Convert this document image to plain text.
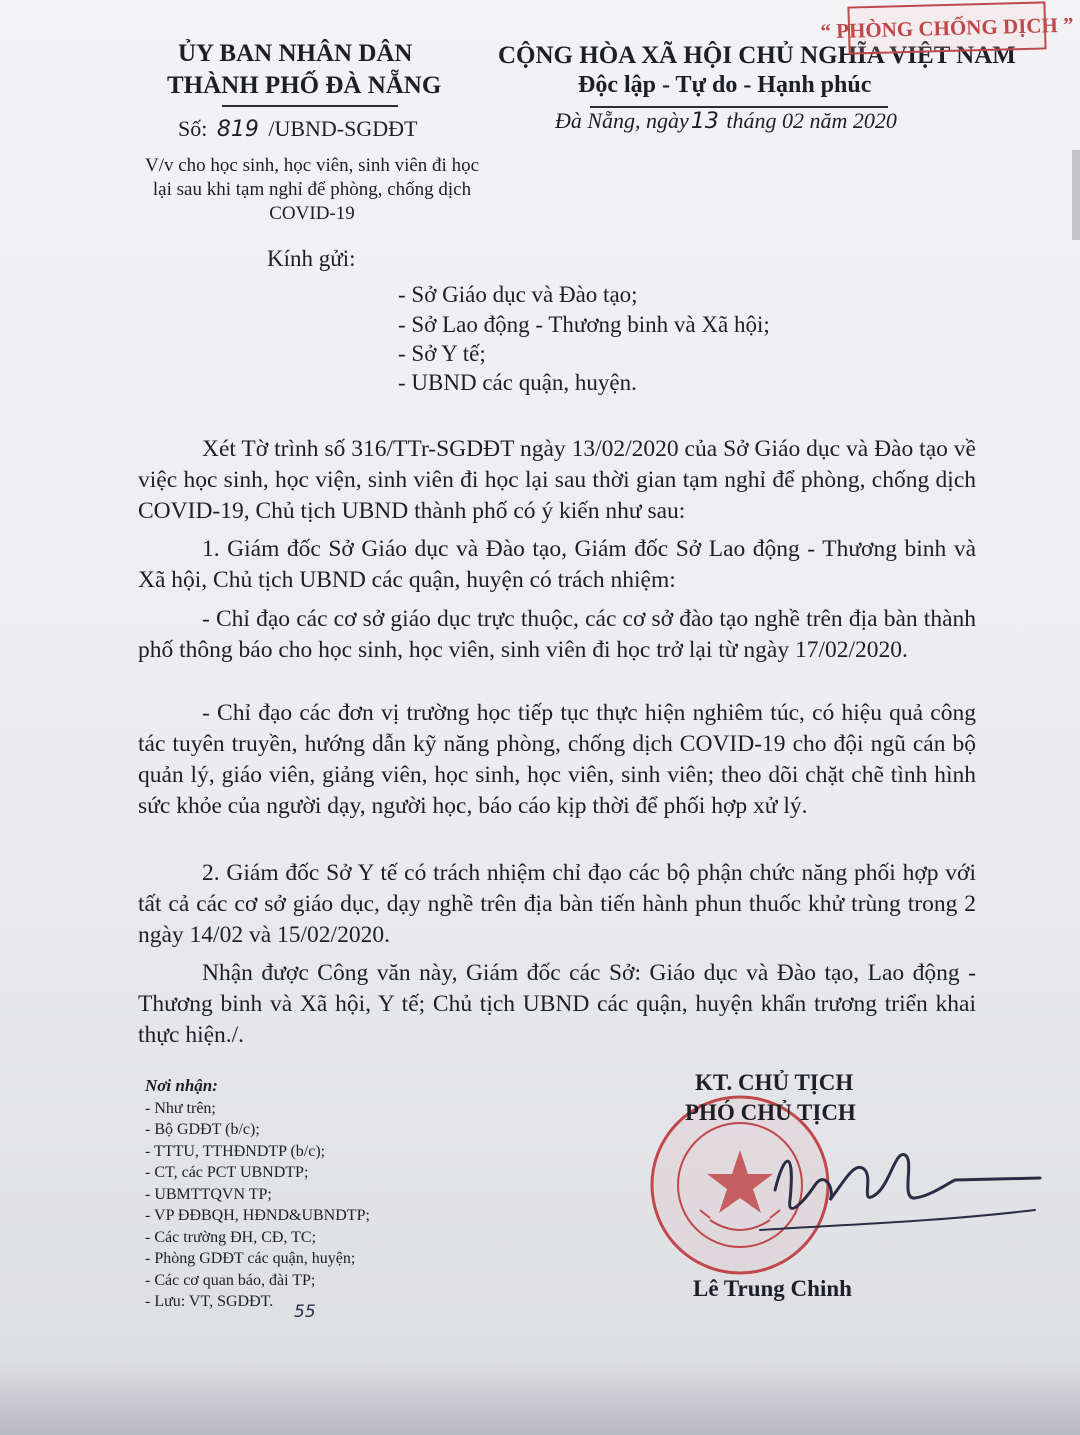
ỦY BAN NHÂN DÂN
THÀNH PHỐ ĐÀ NẴNG
Số: 819 /UBND-SGDĐT
V/v cho học sinh, học viên, sinh viên đi học lại sau khi tạm nghỉ để phòng, chống dịch COVID-19
CỘNG HÒA XÃ HỘI CHỦ NGHĨA VIỆT NAM
Độc lập - Tự do - Hạnh phúc
Đà Nẵng, ngày13 tháng 02 năm 2020
“ PHÒNG CHỐNG DỊCH ”
Kính gửi:
- Sở Giáo dục và Đào tạo;
- Sở Lao động - Thương binh và Xã hội;
- Sở Y tế;
- UBND các quận, huyện.
Xét Tờ trình số 316/TTr-SGDĐT ngày 13/02/2020 của Sở Giáo dục và Đào tạo về việc học sinh, học viện, sinh viên đi học lại sau thời gian tạm nghỉ để phòng, chống dịch COVID-19, Chủ tịch UBND thành phố có ý kiến như sau:
1. Giám đốc Sở Giáo dục và Đào tạo, Giám đốc Sở Lao động - Thương binh và Xã hội, Chủ tịch UBND các quận, huyện có trách nhiệm:
- Chỉ đạo các cơ sở giáo dục trực thuộc, các cơ sở đào tạo nghề trên địa bàn thành phố thông báo cho học sinh, học viên, sinh viên đi học trở lại từ ngày 17/02/2020.
- Chỉ đạo các đơn vị trường học tiếp tục thực hiện nghiêm túc, có hiệu quả công tác tuyên truyền, hướng dẫn kỹ năng phòng, chống dịch COVID-19 cho đội ngũ cán bộ quản lý, giáo viên, giảng viên, học sinh, học viên, sinh viên; theo dõi chặt chẽ tình hình sức khỏe của người dạy, người học, báo cáo kịp thời để phối hợp xử lý.
2. Giám đốc Sở Y tế có trách nhiệm chỉ đạo các bộ phận chức năng phối hợp với tất cả các cơ sở giáo dục, dạy nghề trên địa bàn tiến hành phun thuốc khử trùng trong 2 ngày 14/02 và 15/02/2020.
Nhận được Công văn này, Giám đốc các Sở: Giáo dục và Đào tạo, Lao động - Thương binh và Xã hội, Y tế; Chủ tịch UBND các quận, huyện khẩn trương triển khai thực hiện./.
Nơi nhận:
- Như trên;
- Bộ GDĐT (b/c);
- TTTU, TTHĐNDTP (b/c);
- CT, các PCT UBNDTP;
- UBMTTQVN TP;
- VP ĐĐBQH, HĐND&UBNDTP;
- Các trường ĐH, CĐ, TC;
- Phòng GDĐT các quận, huyện;
- Các cơ quan báo, đài TP;
- Lưu: VT, SGDĐT.
55
KT. CHỦ TỊCH
PHÓ CHỦ TỊCH
Lê Trung Chinh
